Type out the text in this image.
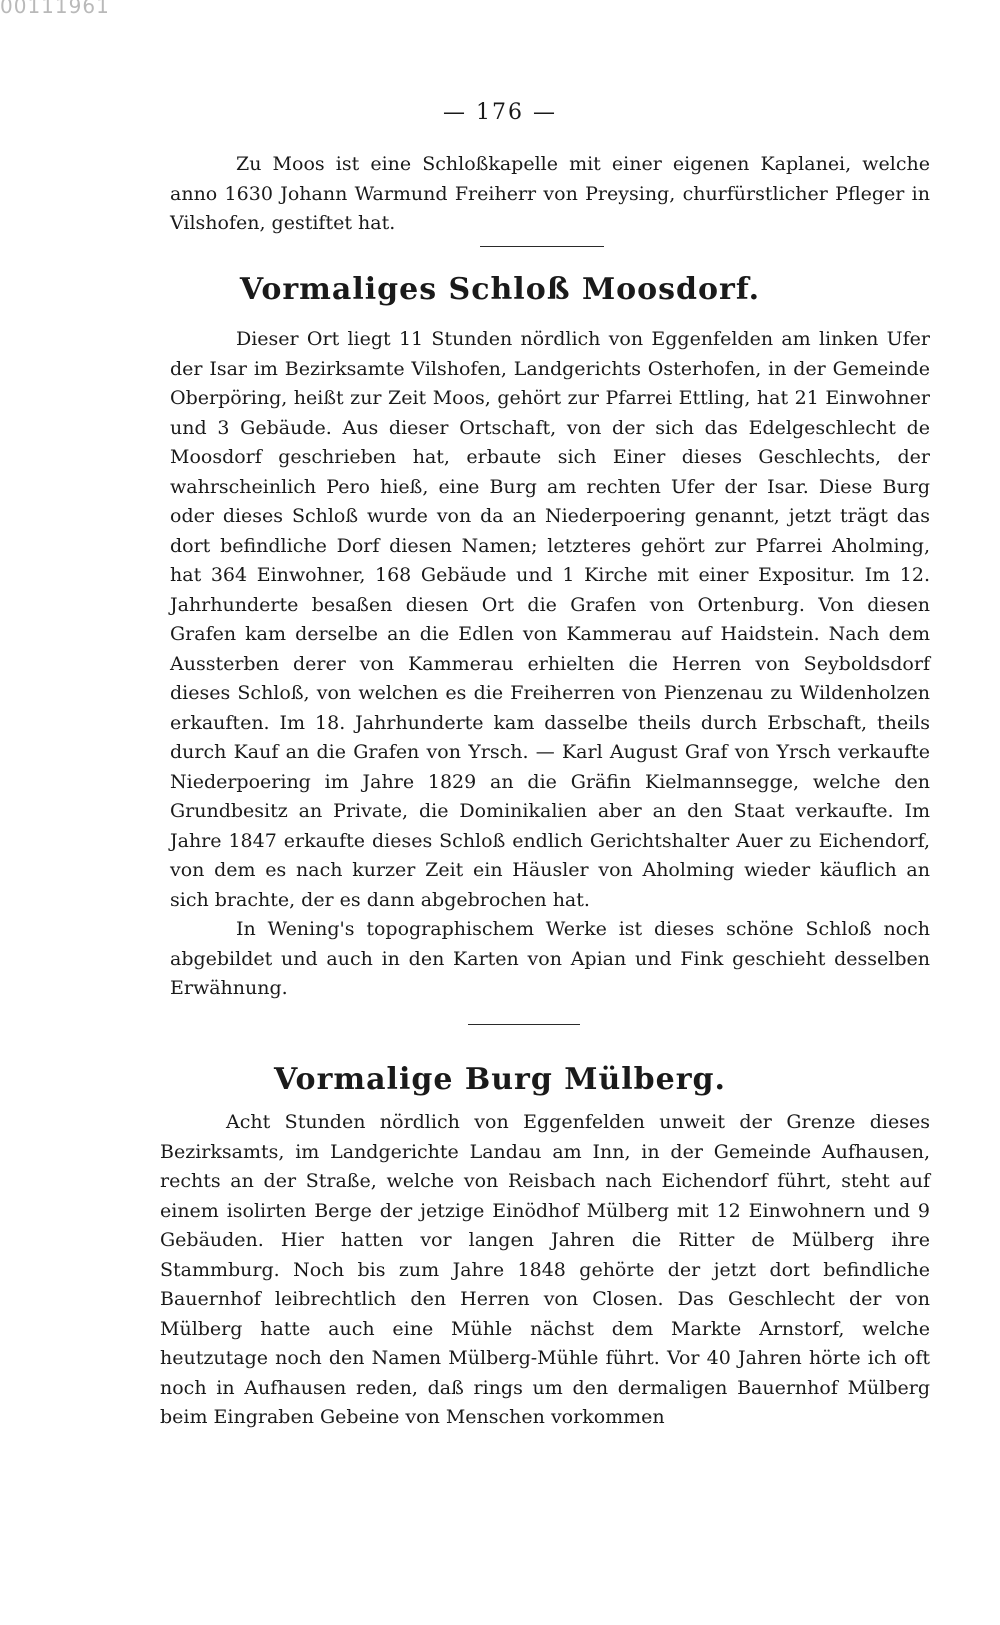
00111961
— 176 —

Zu Moos ist eine Schloßkapelle mit einer eigenen Kaplanei, welche anno 1630 Johann Warmund Freiherr von Preysing, churfürstlicher Pfleger in Vilshofen, gestiftet hat.

Vormaliges Schloß Moosdorf.

Dieser Ort liegt 11 Stunden nördlich von Eggenfelden am linken Ufer der Isar im Bezirksamte Vilshofen, Landgerichts Osterhofen, in der Gemeinde Oberpöring, heißt zur Zeit Moos, gehört zur Pfarrei Ettling, hat 21 Einwohner und 3 Gebäude. Aus dieser Ortschaft, von der sich das Edelgeschlecht de Moosdorf geschrieben hat, erbaute sich Einer dieses Geschlechts, der wahrscheinlich Pero hieß, eine Burg am rechten Ufer der Isar. Diese Burg oder dieses Schloß wurde von da an Niederpoering genannt, jetzt trägt das dort befindliche Dorf diesen Namen; letzteres gehört zur Pfarrei Aholming, hat 364 Einwohner, 168 Gebäude und 1 Kirche mit einer Expositur. Im 12. Jahrhunderte besaßen diesen Ort die Grafen von Ortenburg. Von diesen Grafen kam derselbe an die Edlen von Kammerau auf Haidstein. Nach dem Aussterben derer von Kammerau erhielten die Herren von Seyboldsdorf dieses Schloß, von welchen es die Freiherren von Pienzenau zu Wildenholzen erkauften. Im 18. Jahrhunderte kam dasselbe theils durch Erbschaft, theils durch Kauf an die Grafen von Yrsch. — Karl August Graf von Yrsch verkaufte Niederpoering im Jahre 1829 an die Gräfin Kielmannsegge, welche den Grundbesitz an Private, die Dominikalien aber an den Staat verkaufte. Im Jahre 1847 erkaufte dieses Schloß endlich Gerichtshalter Auer zu Eichendorf, von dem es nach kurzer Zeit ein Häusler von Aholming wieder käuflich an sich brachte, der es dann abgebrochen hat.

In Wening's topographischem Werke ist dieses schöne Schloß noch abgebildet und auch in den Karten von Apian und Fink geschieht desselben Erwähnung.

Vormalige Burg Mülberg.

Acht Stunden nördlich von Eggenfelden unweit der Grenze dieses Bezirksamts, im Landgerichte Landau am Inn, in der Gemeinde Aufhausen, rechts an der Straße, welche von Reisbach nach Eichendorf führt, steht auf einem isolirten Berge der jetzige Einödhof Mülberg mit 12 Einwohnern und 9 Gebäuden. Hier hatten vor langen Jahren die Ritter de Mülberg ihre Stammburg. Noch bis zum Jahre 1848 gehörte der jetzt dort befindliche Bauernhof leibrechtlich den Herren von Closen. Das Geschlecht der von Mülberg hatte auch eine Mühle nächst dem Markte Arnstorf, welche heutzutage noch den Namen Mülberg-Mühle führt. Vor 40 Jahren hörte ich oft noch in Aufhausen reden, daß rings um den dermaligen Bauernhof Mülberg beim Eingraben Gebeine von Menschen vorkommen
